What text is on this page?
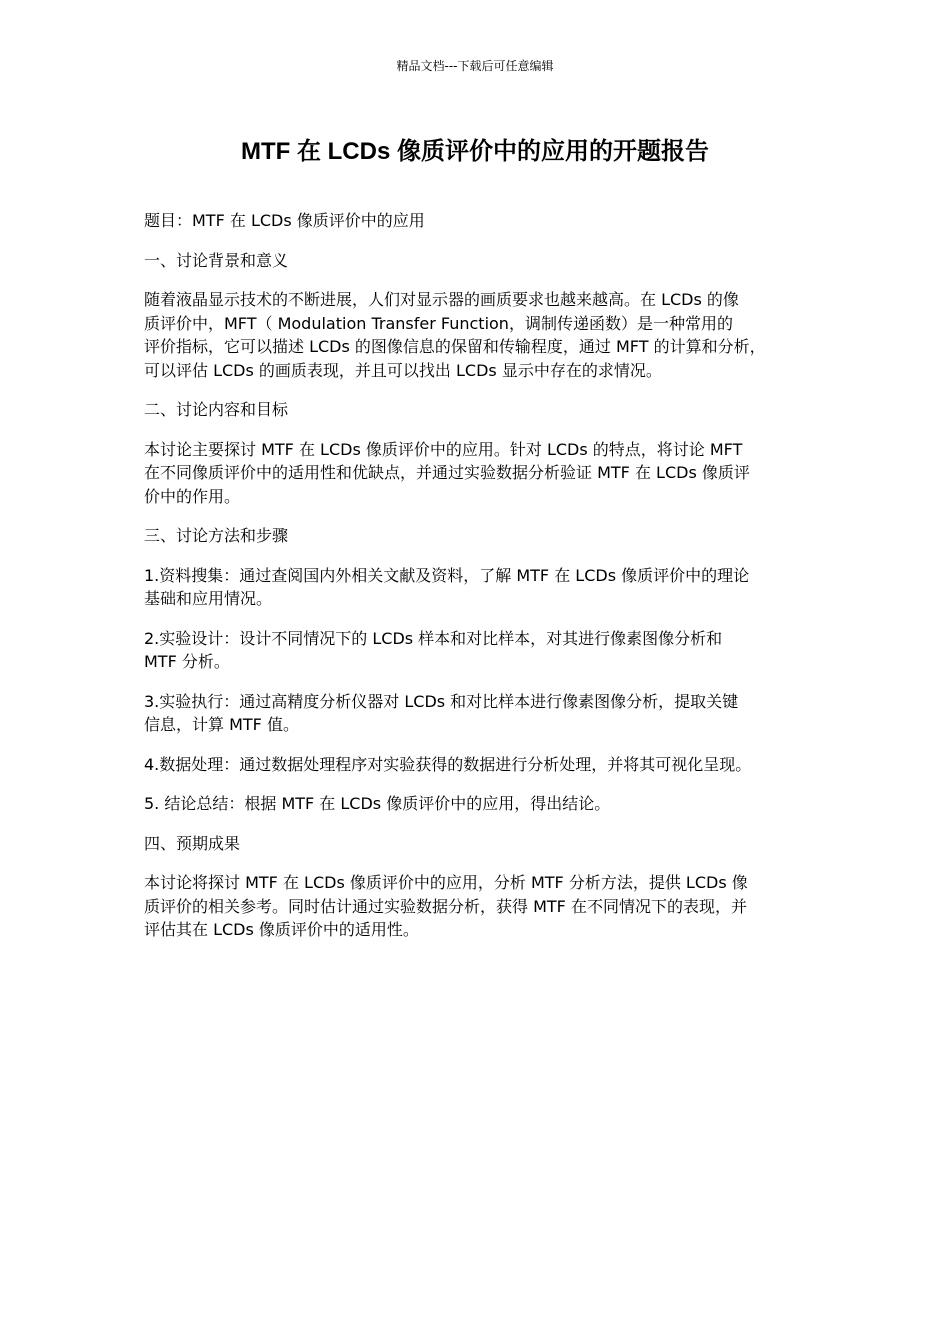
精品文档---下载后可任意编辑
MTF 在 LCDs 像质评价中的应用的开题报告

题目：MTF 在 LCDs 像质评价中的应用

一、讨论背景和意义

随着液晶显示技术的不断进展，人们对显示器的画质要求也越来越高。在 LCDs 的像
质评价中，MFT（ Modulation Transfer Function，调制传递函数）是一种常用的
评价指标，它可以描述 LCDs 的图像信息的保留和传输程度，通过 MFT 的计算和分析，
可以评估 LCDs 的画质表现，并且可以找出 LCDs 显示中存在的求情况。

二、讨论内容和目标

本讨论主要探讨 MTF 在 LCDs 像质评价中的应用。针对 LCDs 的特点，将讨论 MFT
在不同像质评价中的适用性和优缺点，并通过实验数据分析验证 MTF 在 LCDs 像质评
价中的作用。

三、讨论方法和步骤

1.资料搜集：通过查阅国内外相关文献及资料，了解 MTF 在 LCDs 像质评价中的理论
基础和应用情况。

2.实验设计：设计不同情况下的 LCDs 样本和对比样本，对其进行像素图像分析和
MTF 分析。

3.实验执行：通过高精度分析仪器对 LCDs 和对比样本进行像素图像分析，提取关键
信息，计算 MTF 值。

4.数据处理：通过数据处理程序对实验获得的数据进行分析处理，并将其可视化呈现。

5. 结论总结：根据 MTF 在 LCDs 像质评价中的应用，得出结论。

四、预期成果

本讨论将探讨 MTF 在 LCDs 像质评价中的应用，分析 MTF 分析方法，提供 LCDs 像
质评价的相关参考。同时估计通过实验数据分析，获得 MTF 在不同情况下的表现，并
评估其在 LCDs 像质评价中的适用性。
